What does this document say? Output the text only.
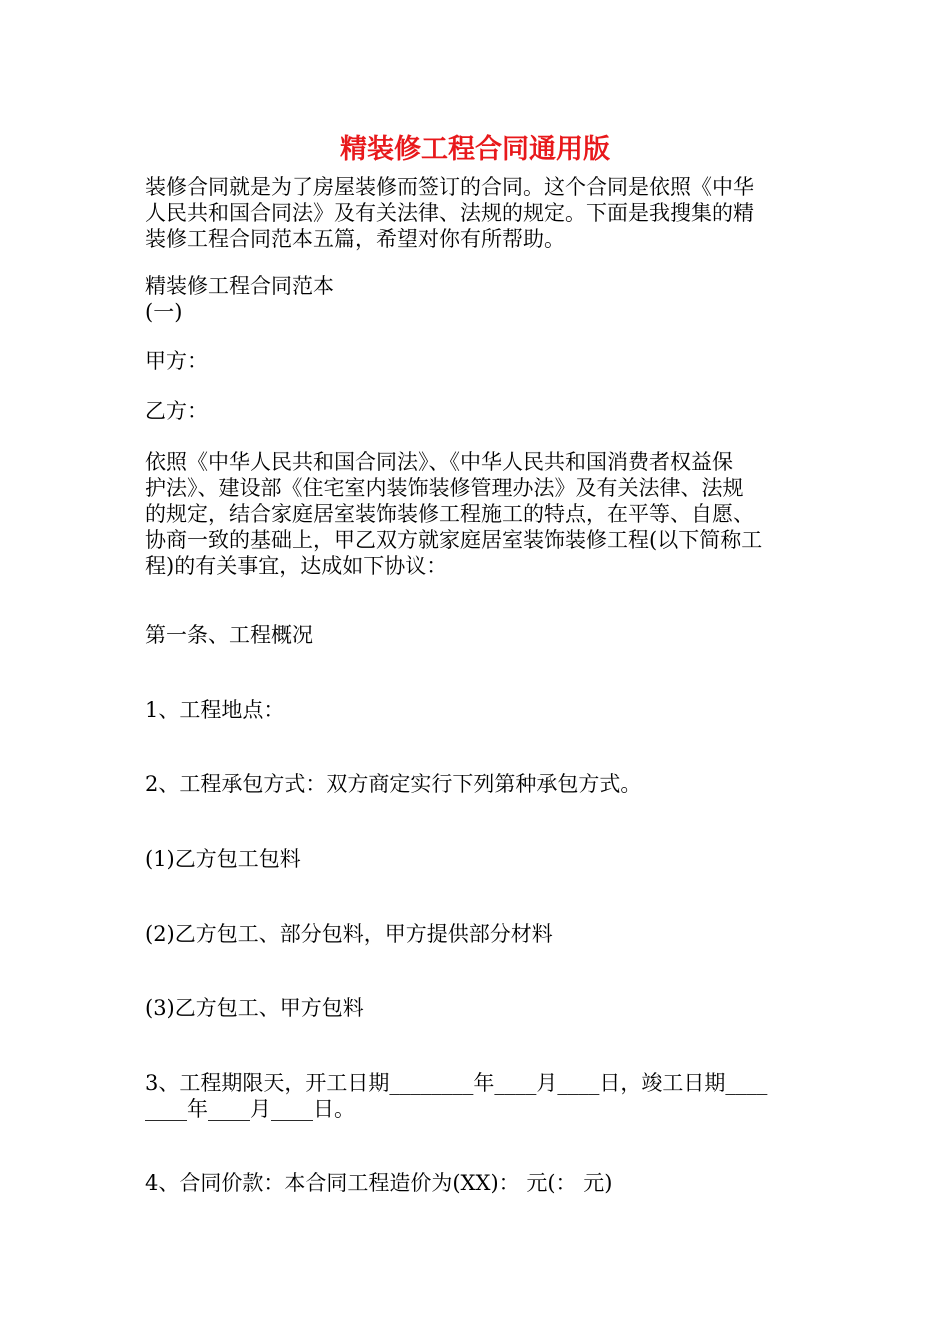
精装修工程合同通用版
装修合同就是为了房屋装修而签订的合同。这个合同是依照《中华
人民共和国合同法》及有关法律、法规的规定。下面是我搜集的精
装修工程合同范本五篇，希望对你有所帮助。
精装修工程合同范本
(一)
甲方：
乙方：
依照《中华人民共和国合同法》、《中华人民共和国消费者权益保
护法》、建设部《住宅室内装饰装修管理办法》及有关法律、法规
的规定，结合家庭居室装饰装修工程施工的特点，在平等、自愿、
协商一致的基础上，甲乙双方就家庭居室装饰装修工程(以下简称工
程)的有关事宜，达成如下协议：
第一条、工程概况
1、工程地点：
2、工程承包方式：双方商定实行下列第种承包方式。
(1)乙方包工包料
(2)乙方包工、部分包料，甲方提供部分材料
(3)乙方包工、甲方包料
3、工程期限天，开工日期________年____月____日，竣工日期____
____年____月____日。
4、合同价款：本合同工程造价为(XX)： 元(： 元)
